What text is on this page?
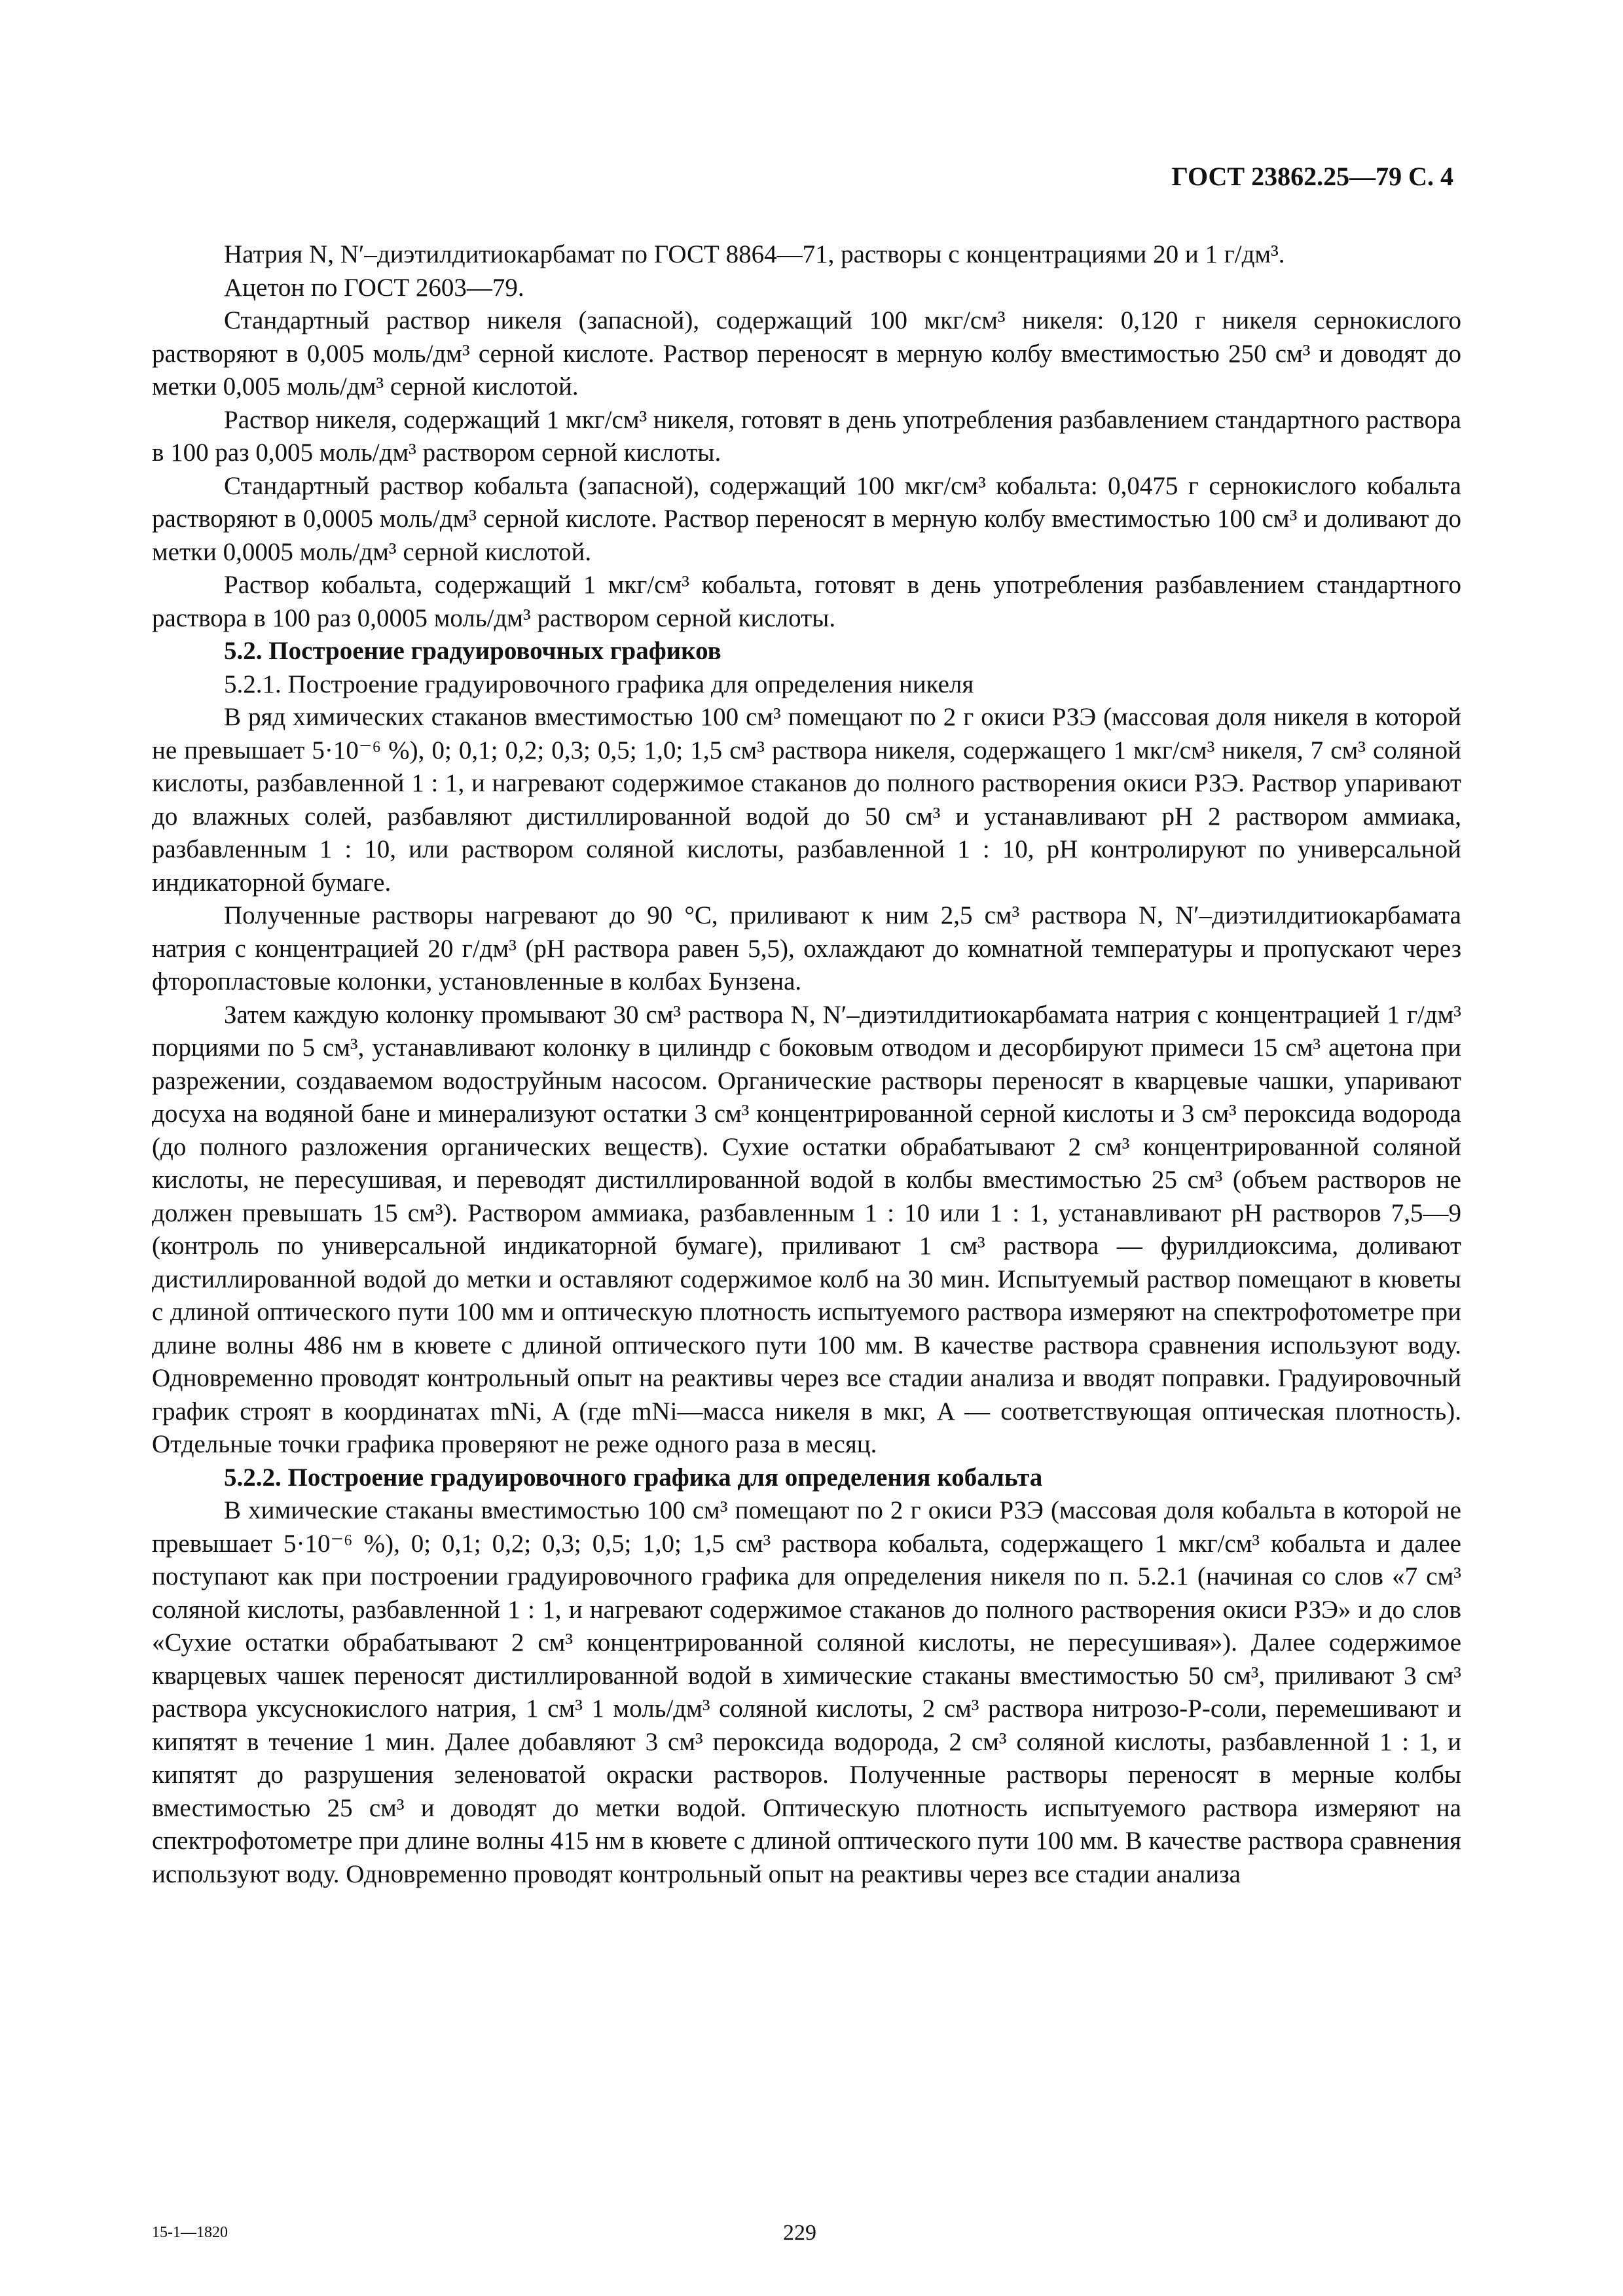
ГОСТ 23862.25—79 С. 4

Натрия N, N′–диэтилдитиокарбамат по ГОСТ 8864—71, растворы с концентрациями 20 и 1 г/дм³.

Ацетон по ГОСТ 2603—79.

Стандартный раствор никеля (запасной), содержащий 100 мкг/см³ никеля: 0,120 г никеля сернокислого растворяют в 0,005 моль/дм³ серной кислоте. Раствор переносят в мерную колбу вместимостью 250 см³ и доводят до метки 0,005 моль/дм³ серной кислотой.

Раствор никеля, содержащий 1 мкг/см³ никеля, готовят в день употребления разбавлением стандартного раствора в 100 раз 0,005 моль/дм³ раствором серной кислоты.

Стандартный раствор кобальта (запасной), содержащий 100 мкг/см³ кобальта: 0,0475 г сернокислого кобальта растворяют в 0,0005 моль/дм³ серной кислоте. Раствор переносят в мерную колбу вместимостью 100 см³ и доливают до метки 0,0005 моль/дм³ серной кислотой.

Раствор кобальта, содержащий 1 мкг/см³ кобальта, готовят в день употребления разбавлением стандартного раствора в 100 раз 0,0005 моль/дм³ раствором серной кислоты.

5.2. Построение градуировочных графиков

5.2.1. Построение градуировочного графика для определения никеля

В ряд химических стаканов вместимостью 100 см³ помещают по 2 г окиси РЗЭ (массовая доля никеля в которой не превышает 5·10⁻⁶ %), 0; 0,1; 0,2; 0,3; 0,5; 1,0; 1,5 см³ раствора никеля, содержащего 1 мкг/см³ никеля, 7 см³ соляной кислоты, разбавленной 1 : 1, и нагревают содержимое стаканов до полного растворения окиси РЗЭ. Раствор упаривают до влажных солей, разбавляют дистиллированной водой до 50 см³ и устанавливают pH 2 раствором аммиака, разбавленным 1 : 10, или раствором соляной кислоты, разбавленной 1 : 10, pH контролируют по универсальной индикаторной бумаге.

Полученные растворы нагревают до 90 °С, приливают к ним 2,5 см³ раствора N, N′–диэтилдитиокарбамата натрия с концентрацией 20 г/дм³ (pH раствора равен 5,5), охлаждают до комнатной температуры и пропускают через фторопластовые колонки, установленные в колбах Бунзена.

Затем каждую колонку промывают 30 см³ раствора N, N′–диэтилдитиокарбамата натрия с концентрацией 1 г/дм³ порциями по 5 см³, устанавливают колонку в цилиндр с боковым отводом и десорбируют примеси 15 см³ ацетона при разрежении, создаваемом водоструйным насосом. Органические растворы переносят в кварцевые чашки, упаривают досуха на водяной бане и минерализуют остатки 3 см³ концентрированной серной кислоты и 3 см³ пероксида водорода (до полного разложения органических веществ). Сухие остатки обрабатывают 2 см³ концентрированной соляной кислоты, не пересушивая, и переводят дистиллированной водой в колбы вместимостью 25 см³ (объем растворов не должен превышать 15 см³). Раствором аммиака, разбавленным 1 : 10 или 1 : 1, устанавливают pH растворов 7,5—9 (контроль по универсальной индикаторной бумаге), приливают 1 см³ раствора — фурилдиоксима, доливают дистиллированной водой до метки и оставляют содержимое колб на 30 мин. Испытуемый раствор помещают в кюветы с длиной оптического пути 100 мм и оптическую плотность испытуемого раствора измеряют на спектрофотометре при длине волны 486 нм в кювете с длиной оптического пути 100 мм. В качестве раствора сравнения используют воду. Одновременно проводят контрольный опыт на реактивы через все стадии анализа и вводят поправки. Градуировочный график строят в координатах mNi, A (где mNi—масса никеля в мкг, A — соответствующая оптическая плотность). Отдельные точки графика проверяют не реже одного раза в месяц.

5.2.2. Построение градуировочного графика для определения кобальта

В химические стаканы вместимостью 100 см³ помещают по 2 г окиси РЗЭ (массовая доля кобальта в которой не превышает 5·10⁻⁶ %), 0; 0,1; 0,2; 0,3; 0,5; 1,0; 1,5 см³ раствора кобальта, содержащего 1 мкг/см³ кобальта и далее поступают как при построении градуировочного графика для определения никеля по п. 5.2.1 (начиная со слов «7 см³ соляной кислоты, разбавленной 1 : 1, и нагревают содержимое стаканов до полного растворения окиси РЗЭ» и до слов «Сухие остатки обрабатывают 2 см³ концентрированной соляной кислоты, не пересушивая»). Далее содержимое кварцевых чашек переносят дистиллированной водой в химические стаканы вместимостью 50 см³, приливают 3 см³ раствора уксуснокислого натрия, 1 см³ 1 моль/дм³ соляной кислоты, 2 см³ раствора нитрозо-Р-соли, перемешивают и кипятят в течение 1 мин. Далее добавляют 3 см³ пероксида водорода, 2 см³ соляной кислоты, разбавленной 1 : 1, и кипятят до разрушения зеленоватой окраски растворов. Полученные растворы переносят в мерные колбы вместимостью 25 см³ и доводят до метки водой. Оптическую плотность испытуемого раствора измеряют на спектрофотометре при длине волны 415 нм в кювете с длиной оптического пути 100 мм. В качестве раствора сравнения используют воду. Одновременно проводят контрольный опыт на реактивы через все стадии анализа

15-1—1820	229
